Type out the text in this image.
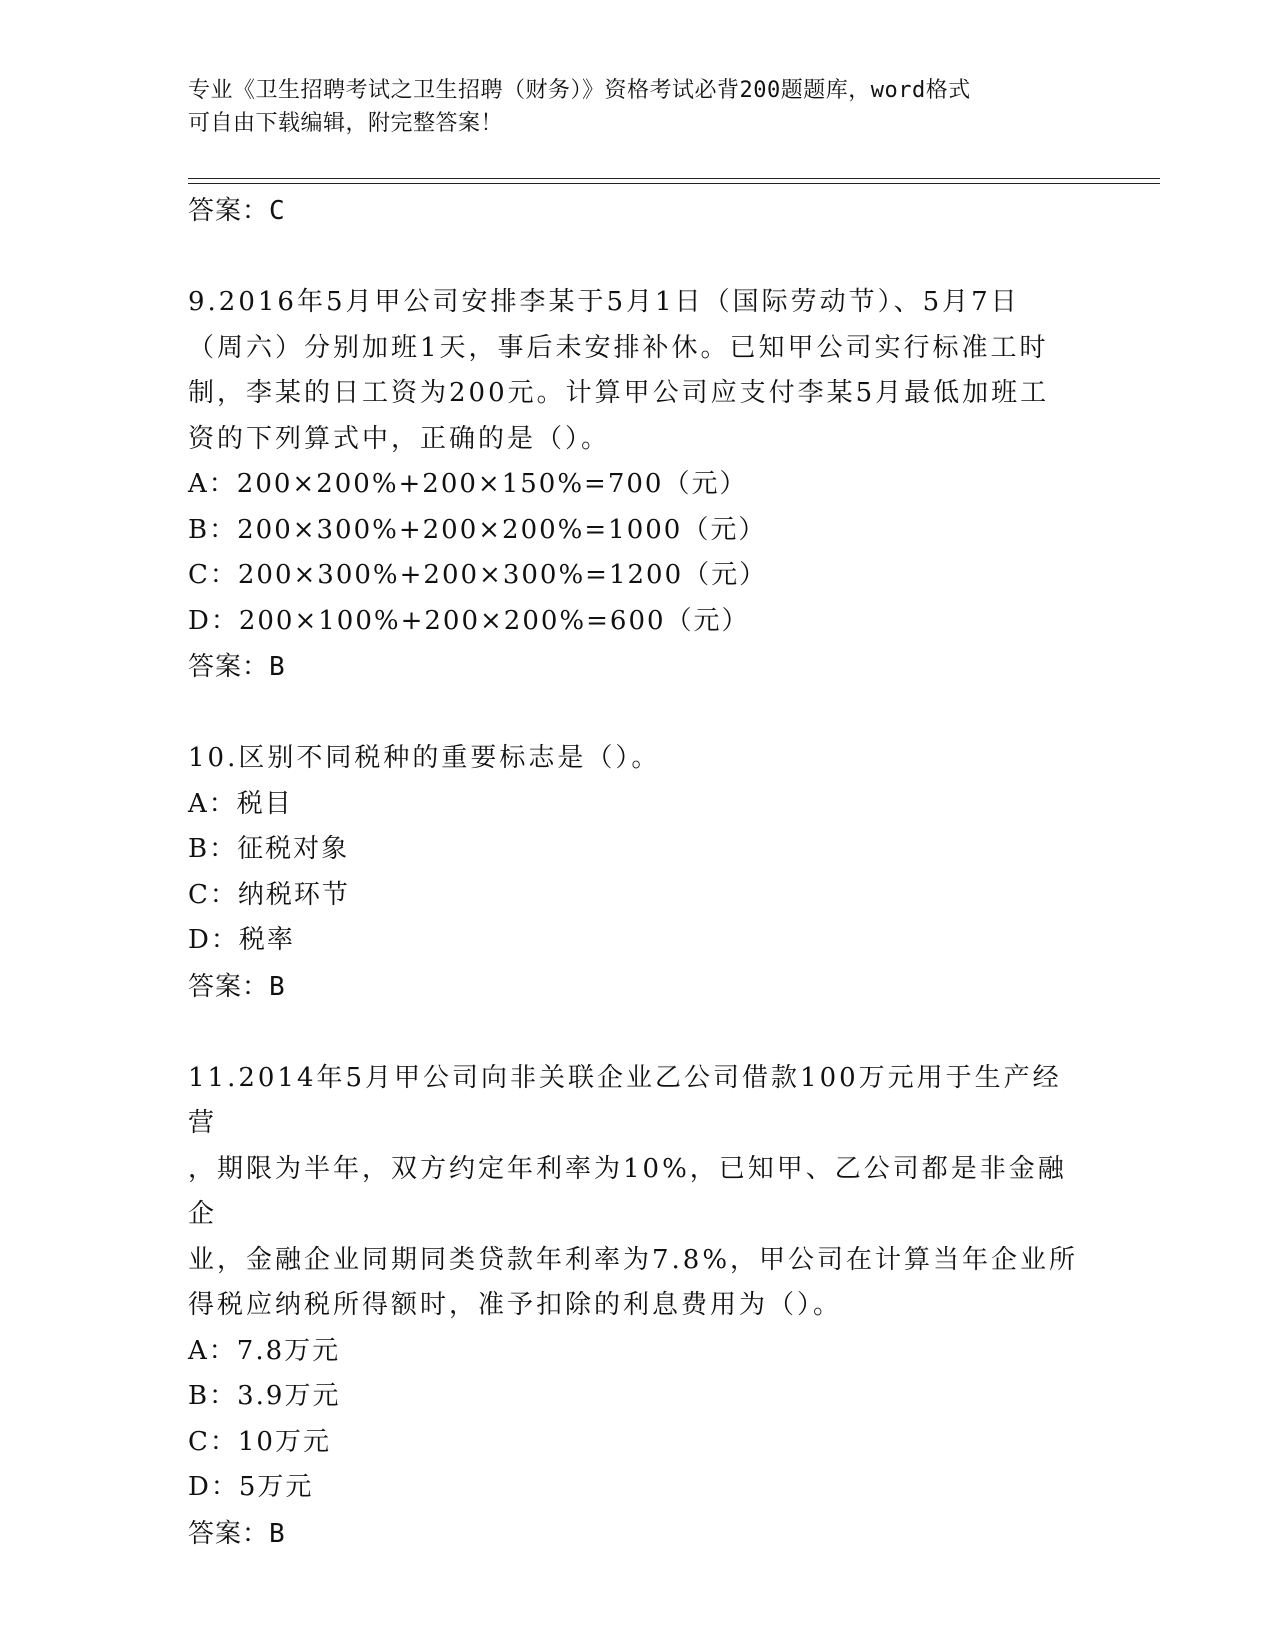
专业《卫生招聘考试之卫生招聘（财务）》资格考试必背200题题库，word格式
可自由下载编辑，附完整答案！
答案：C
9.2016年5月甲公司安排李某于5月1日（国际劳动节）、5月7日
（周六）分别加班1天，事后未安排补休。已知甲公司实行标准工时
制，李某的日工资为200元。计算甲公司应支付李某5月最低加班工
资的下列算式中，正确的是（）。
A：200×200%+200×150%=700（元）
B：200×300%+200×200%=1000（元）
C：200×300%+200×300%=1200（元）
D：200×100%+200×200%=600（元）
答案：B
10.区别不同税种的重要标志是（）。
A：税目
B：征税对象
C：纳税环节
D：税率
答案：B
11.2014年5月甲公司向非关联企业乙公司借款100万元用于生产经营
，期限为半年，双方约定年利率为10%，已知甲、乙公司都是非金融企
业，金融企业同期同类贷款年利率为7.8%，甲公司在计算当年企业所
得税应纳税所得额时，准予扣除的利息费用为（）。
A：7.8万元
B：3.9万元
C：10万元
D：5万元
答案：B
